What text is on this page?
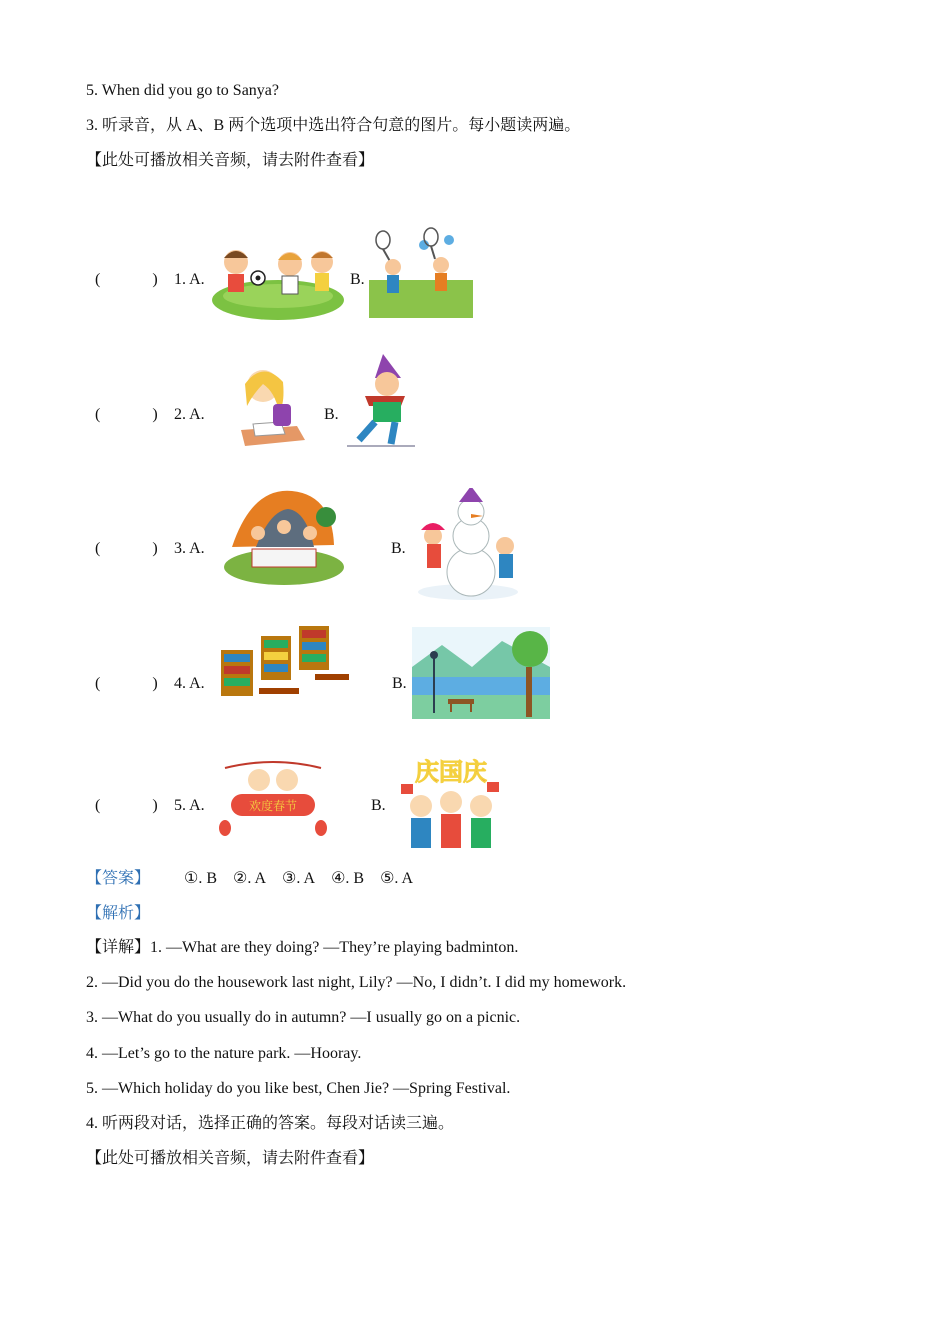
5. When did you go to Sanya?
3. 听录音，从 A、B 两个选项中选出符合句意的图片。每小题读两遍。
【此处可播放相关音频，请去附件查看】
(	) 1. A.	B.
(	) 2. A.	B.
(	) 3. A.	B.
(	) 4. A.	B.
(	) 5. A.	欢度春节	B.
庆国庆
【答案】 ①. B ②. A ③. A ④. B ⑤. A
【解析】
【详解】1. —What are they doing? —They’re playing badminton.
2. —Did you do the housework last night, Lily? —No, I didn’t. I did my homework.
3. —What do you usually do in autumn? —I usually go on a picnic.
4. —Let’s go to the nature park. —Hooray.
5. —Which holiday do you like best, Chen Jie? —Spring Festival.
4. 听两段对话，选择正确的答案。每段对话读三遍。
【此处可播放相关音频，请去附件查看】
